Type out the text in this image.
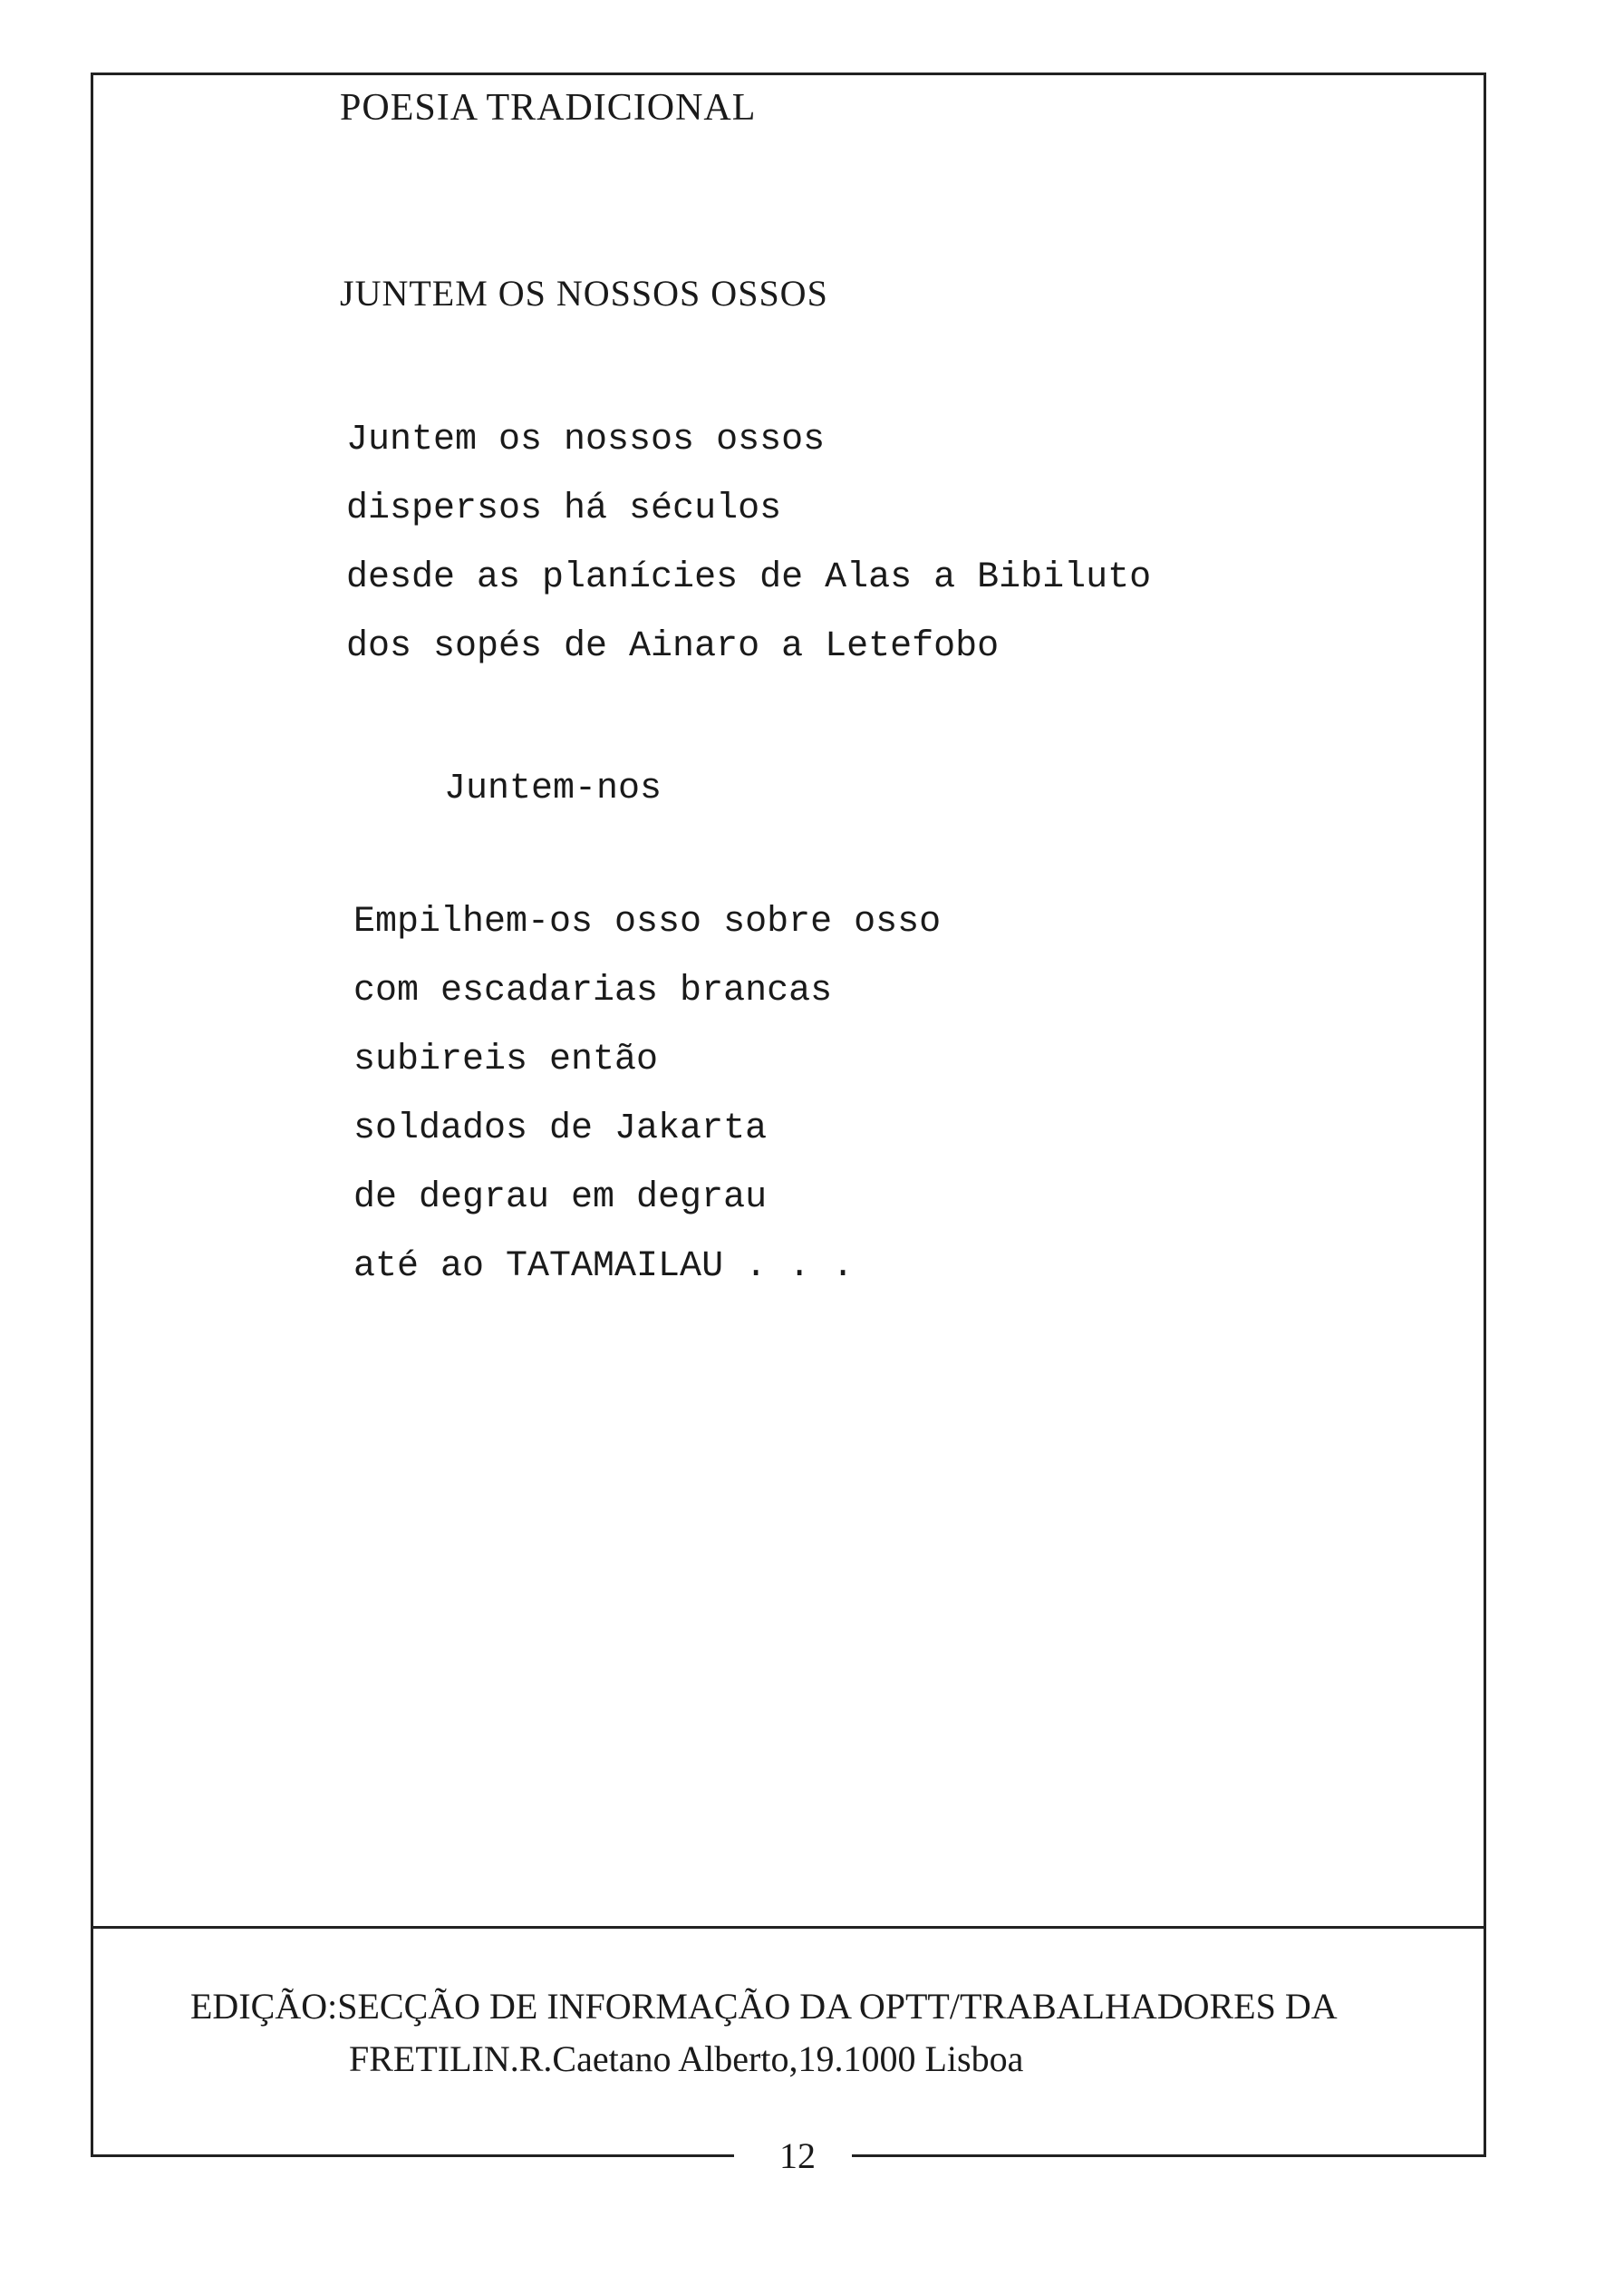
POESIA TRADICIONAL
JUNTEM OS NOSSOS OSSOS
Juntem os nossos ossos
dispersos há séculos
desde as planícies de Alas a Bibiluto
dos sopés de Ainaro a Letefobo
Juntem-nos
Empilhem-os osso sobre osso
com escadarias brancas
subireis então
soldados de Jakarta
de degrau em degrau
até ao TATAMAILAU . . .
EDIÇÃO:SECÇÃO DE INFORMAÇÃO DA OPTT/TRABALHADORES DA
FRETILIN.R.Caetano Alberto,19.1000 Lisboa
12
